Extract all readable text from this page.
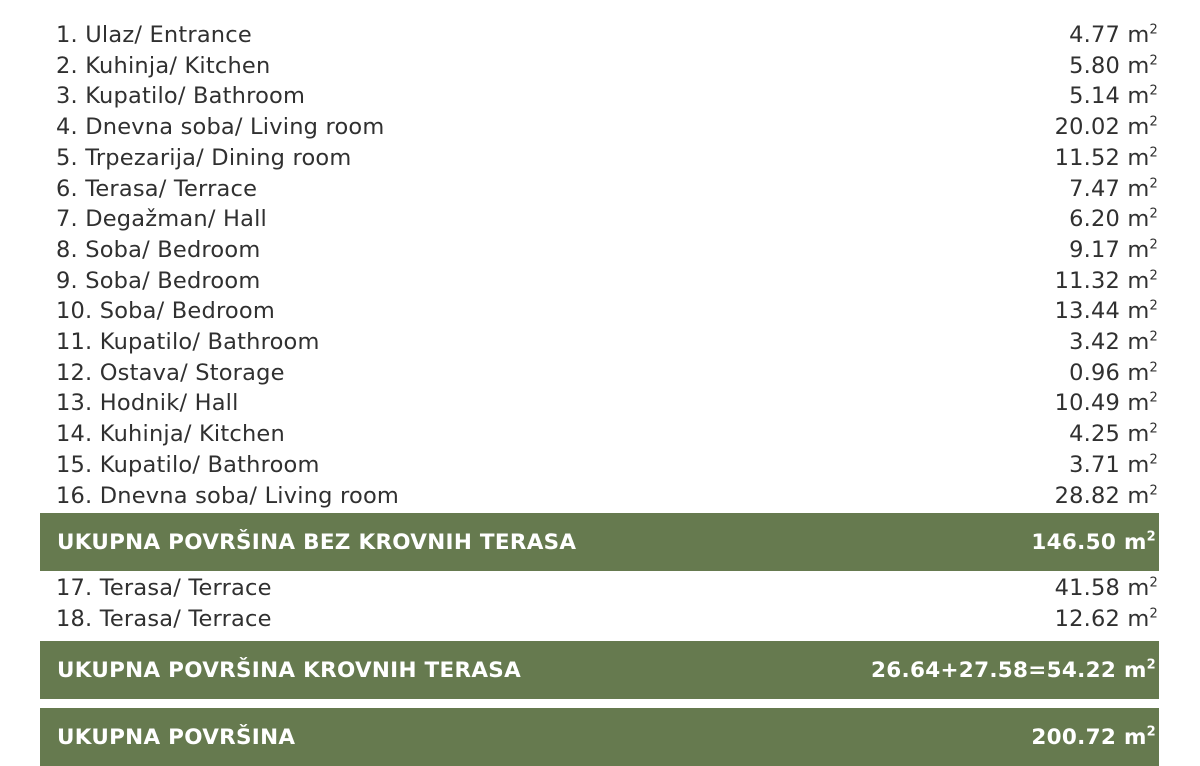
1. Ulaz/ Entrance	4.77 $m^2$
2. Kuhinja/ Kitchen	5.80 $m^2$
3. Kupatilo/ Bathroom	5.14 $m^2$
4. Dnevna soba/ Living room	20.02 $m^2$
5. Trpezarija/ Dining room	11.52 $m^2$
6. Terasa/ Terrace	7.47 $m^2$
7. Degažman/ Hall	6.20 $m^2$
8. Soba/ Bedroom	9.17 $m^2$
9. Soba/ Bedroom	11.32 $m^2$
10. Soba/ Bedroom	13.44 $m^2$
11. Kupatilo/ Bathroom	3.42 $m^2$
12. Ostava/ Storage	0.96 $m^2$
13. Hodnik/ Hall	10.49 $m^2$
14. Kuhinja/ Kitchen	4.25 $m^2$
15. Kupatilo/ Bathroom	3.71 $m^2$
16. Dnevna soba/ Living room	28.82 $m^2$
UKUPNA POVRŠINA BEZ KROVNIH TERASA	146.50 $m^2$
17. Terasa/ Terrace	41.58 $m^2$
18. Terasa/ Terrace	12.62 $m^2$
UKUPNA POVRŠINA KROVNIH TERASA	26.64+27.58=54.22 $m^2$
UKUPNA POVRŠINA	200.72 $m^2$
